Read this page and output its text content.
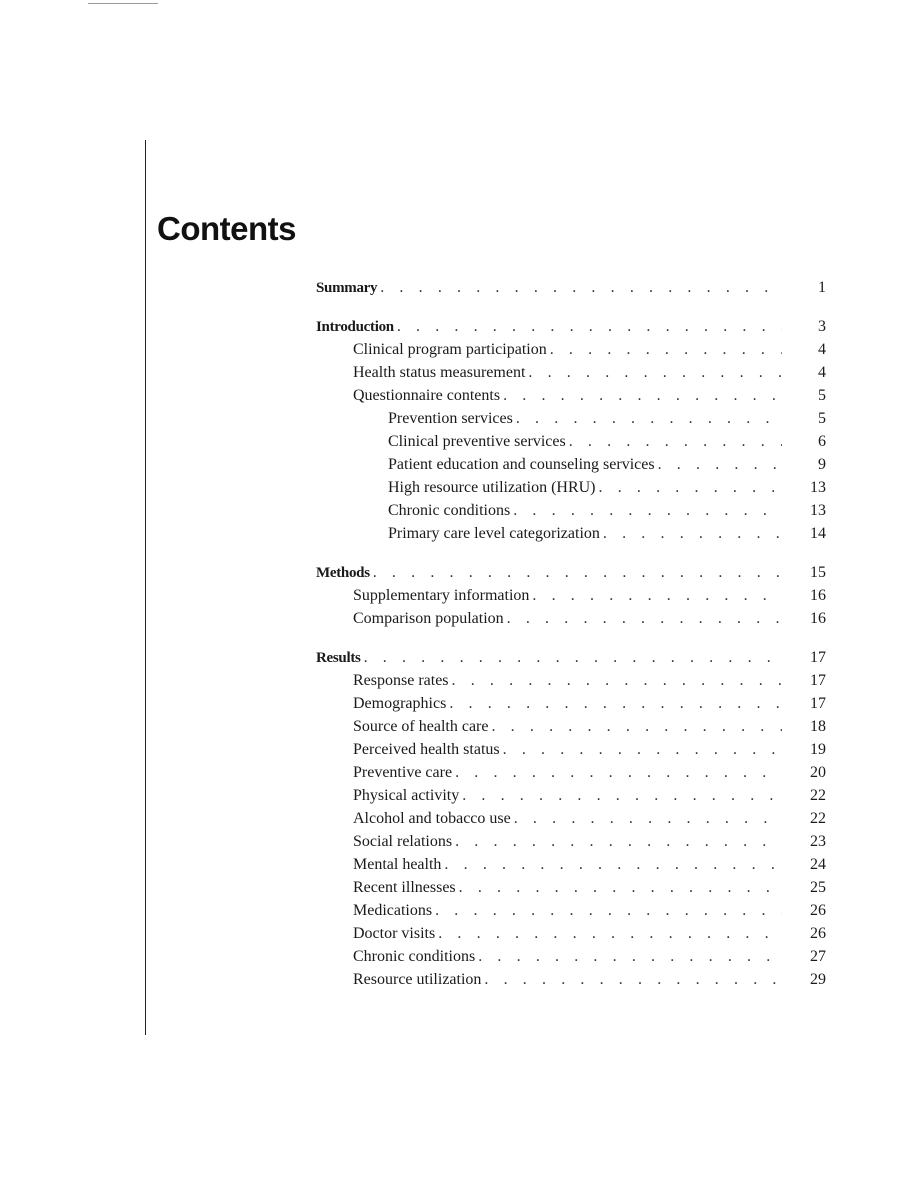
Contents
Summary . . .	1
Introduction . . .	3
Clinical program participation . . .	4
Health status measurement . . .	4
Questionnaire contents . . .	5
Prevention services . . .	5
Clinical preventive services . . .	6
Patient education and counseling services . . .	9
High resource utilization (HRU) . . .	13
Chronic conditions . . .	13
Primary care level categorization . . .	14
Methods . . .	15
Supplementary information . . .	16
Comparison population . . .	16
Results . . .	17
Response rates . . .	17
Demographics . . .	17
Source of health care . . .	18
Perceived health status . . .	19
Preventive care . . .	20
Physical activity . . .	22
Alcohol and tobacco use . . .	22
Social relations . . .	23
Mental health . . .	24
Recent illnesses . . .	25
Medications . . .	26
Doctor visits . . .	26
Chronic conditions . . .	27
Resource utilization . . .	29
